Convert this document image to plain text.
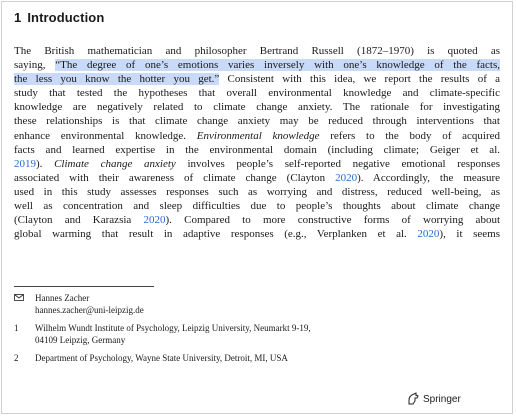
1 Introduction
The British mathematician and philosopher Bertrand Russell (1872–1970) is quoted as
saying, “The degree of one’s emotions varies inversely with one’s knowledge of the facts,
the less you know the hotter you get.” Consistent with this idea, we report the results of a
study that tested the hypotheses that overall environmental knowledge and climate-specific
knowledge are negatively related to climate change anxiety. The rationale for investigating
these relationships is that climate change anxiety may be reduced through interventions that
enhance environmental knowledge. Environmental knowledge refers to the body of acquired
facts and learned expertise in the environmental domain (including climate; Geiger et al.
2019). Climate change anxiety involves people’s self-reported negative emotional responses
associated with their awareness of climate change (Clayton 2020). Accordingly, the measure
used in this study assesses responses such as worrying and distress, reduced well-being, as
well as concentration and sleep difficulties due to people’s thoughts about climate change
(Clayton and Karazsia 2020). Compared to more constructive forms of worrying about
global warming that result in adaptive responses (e.g., Verplanken et al. 2020), it seems
Hannes Zacher
hannes.zacher@uni-leipzig.de
1 Wilhelm Wundt Institute of Psychology, Leipzig University, Neumarkt 9-19, 04109 Leipzig, Germany
2 Department of Psychology, Wayne State University, Detroit, MI, USA
Springer
